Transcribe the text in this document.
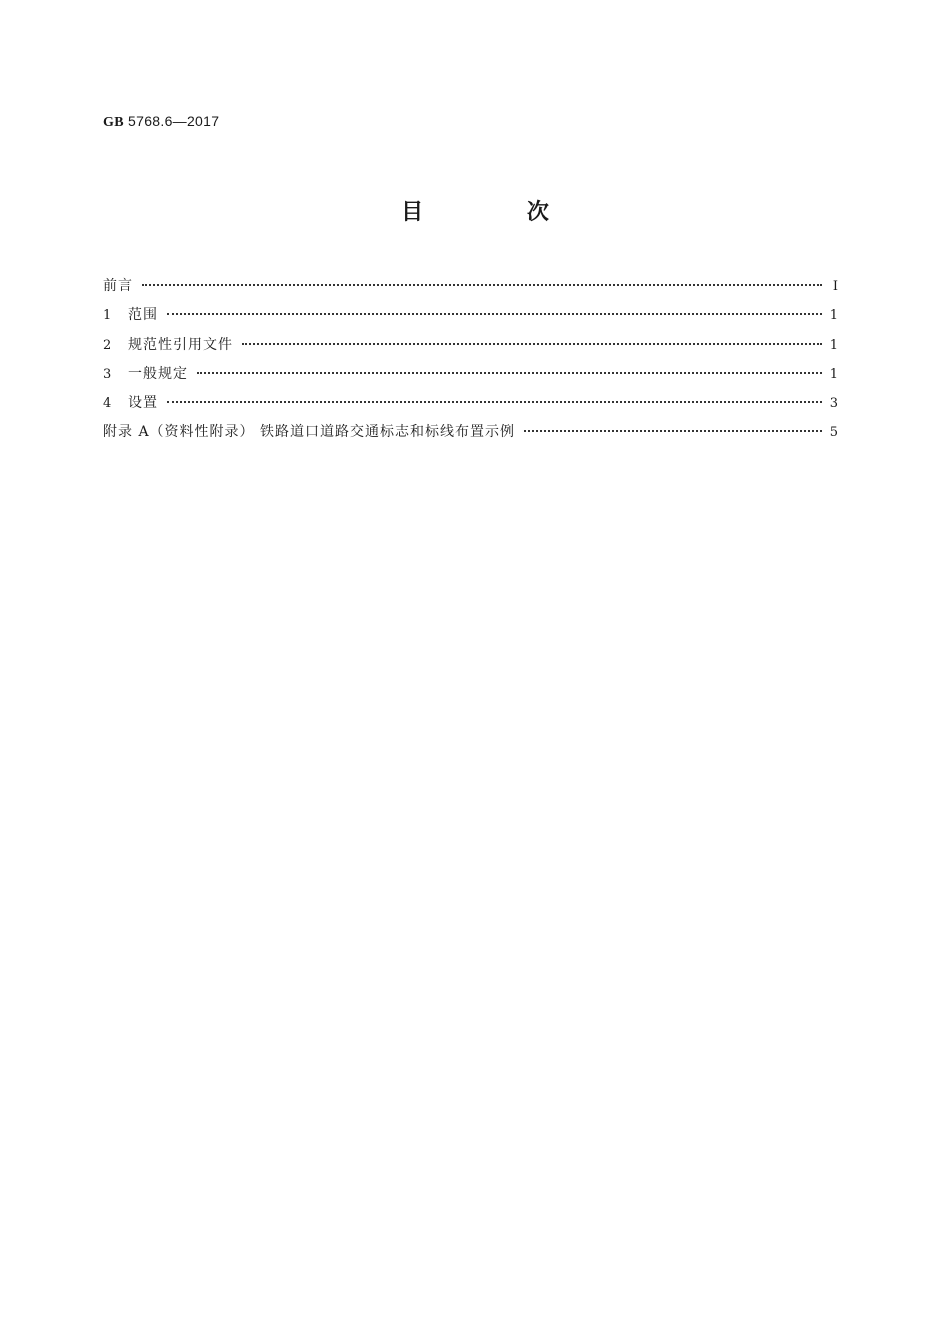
GB 5768.6—2017
目 次
前言	Ⅰ
1	范围	1
2	规范性引用文件	1
3	一般规定	1
4	设置	3
附录 A（资料性附录） 铁路道口道路交通标志和标线布置示例	5
